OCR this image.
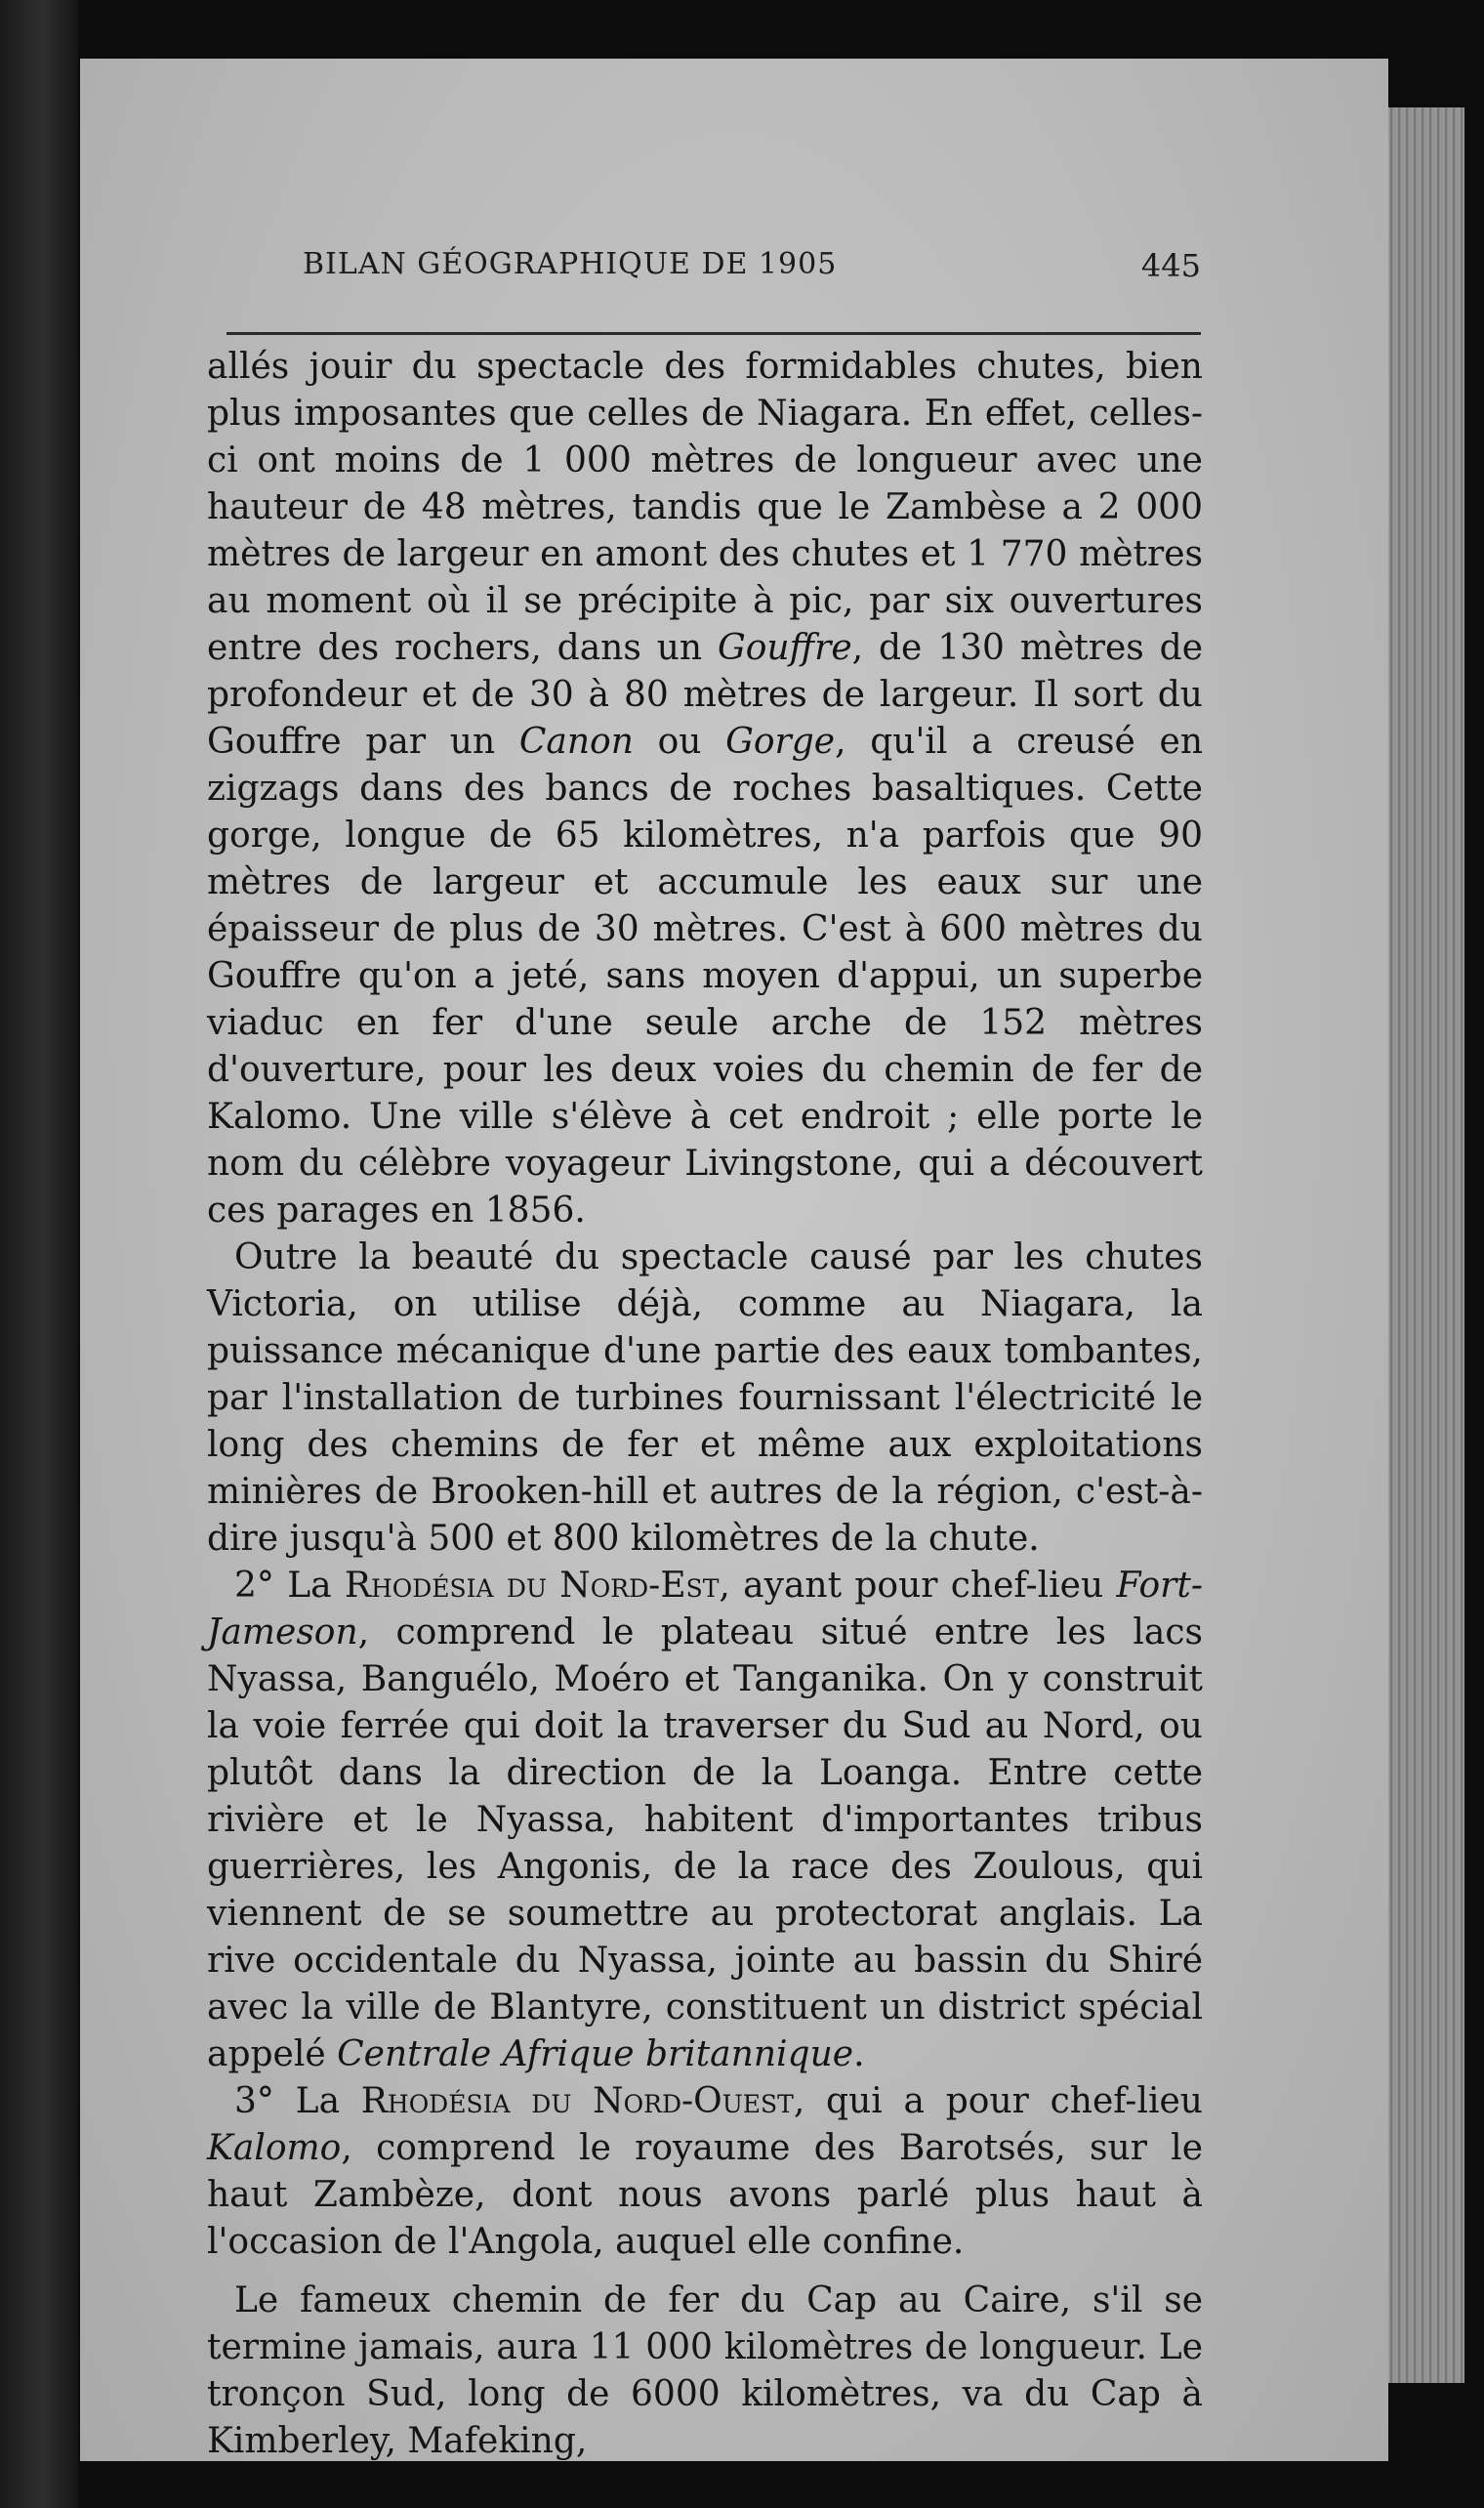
BILAN GÉOGRAPHIQUE DE 1905	445

allés jouir du spectacle des formidables chutes, bien plus imposantes que celles de Niagara. En effet, celles-ci ont moins de 1 000 mètres de longueur avec une hauteur de 48 mètres, tandis que le Zambèse a 2 000 mètres de largeur en amont des chutes et 1 770 mètres au moment où il se précipite à pic, par six ouvertures entre des rochers, dans un Gouffre, de 130 mètres de profondeur et de 30 à 80 mètres de largeur. Il sort du Gouffre par un Canon ou Gorge, qu'il a creusé en zigzags dans des bancs de roches basaltiques. Cette gorge, longue de 65 kilomètres, n'a parfois que 90 mètres de largeur et accumule les eaux sur une épaisseur de plus de 30 mètres. C'est à 600 mètres du Gouffre qu'on a jeté, sans moyen d'appui, un superbe viaduc en fer d'une seule arche de 152 mètres d'ouverture, pour les deux voies du chemin de fer de Kalomo. Une ville s'élève à cet endroit ; elle porte le nom du célèbre voyageur Livingstone, qui a découvert ces parages en 1856.

Outre la beauté du spectacle causé par les chutes Victoria, on utilise déjà, comme au Niagara, la puissance mécanique d'une partie des eaux tombantes, par l'installation de turbines fournissant l'électricité le long des chemins de fer et même aux exploitations minières de Brooken-hill et autres de la région, c'est-à-dire jusqu'à 500 et 800 kilomètres de la chute.

2° La Rhodésia du Nord-Est, ayant pour chef-lieu Fort-Jameson, comprend le plateau situé entre les lacs Nyassa, Banguélo, Moéro et Tanganika. On y construit la voie ferrée qui doit la traverser du Sud au Nord, ou plutôt dans la direction de la Loanga. Entre cette rivière et le Nyassa, habitent d'importantes tribus guerrières, les Angonis, de la race des Zoulous, qui viennent de se soumettre au protectorat anglais. La rive occidentale du Nyassa, jointe au bassin du Shiré avec la ville de Blantyre, constituent un district spécial appelé Centrale Afrique britannique.

3° La Rhodésia du Nord-Ouest, qui a pour chef-lieu Kalomo, comprend le royaume des Barotsés, sur le haut Zambèze, dont nous avons parlé plus haut à l'occasion de l'Angola, auquel elle confine.

Le fameux chemin de fer du Cap au Caire, s'il se termine jamais, aura 11 000 kilomètres de longueur. Le tronçon Sud, long de 6000 kilomètres, va du Cap à Kimberley, Mafeking,
